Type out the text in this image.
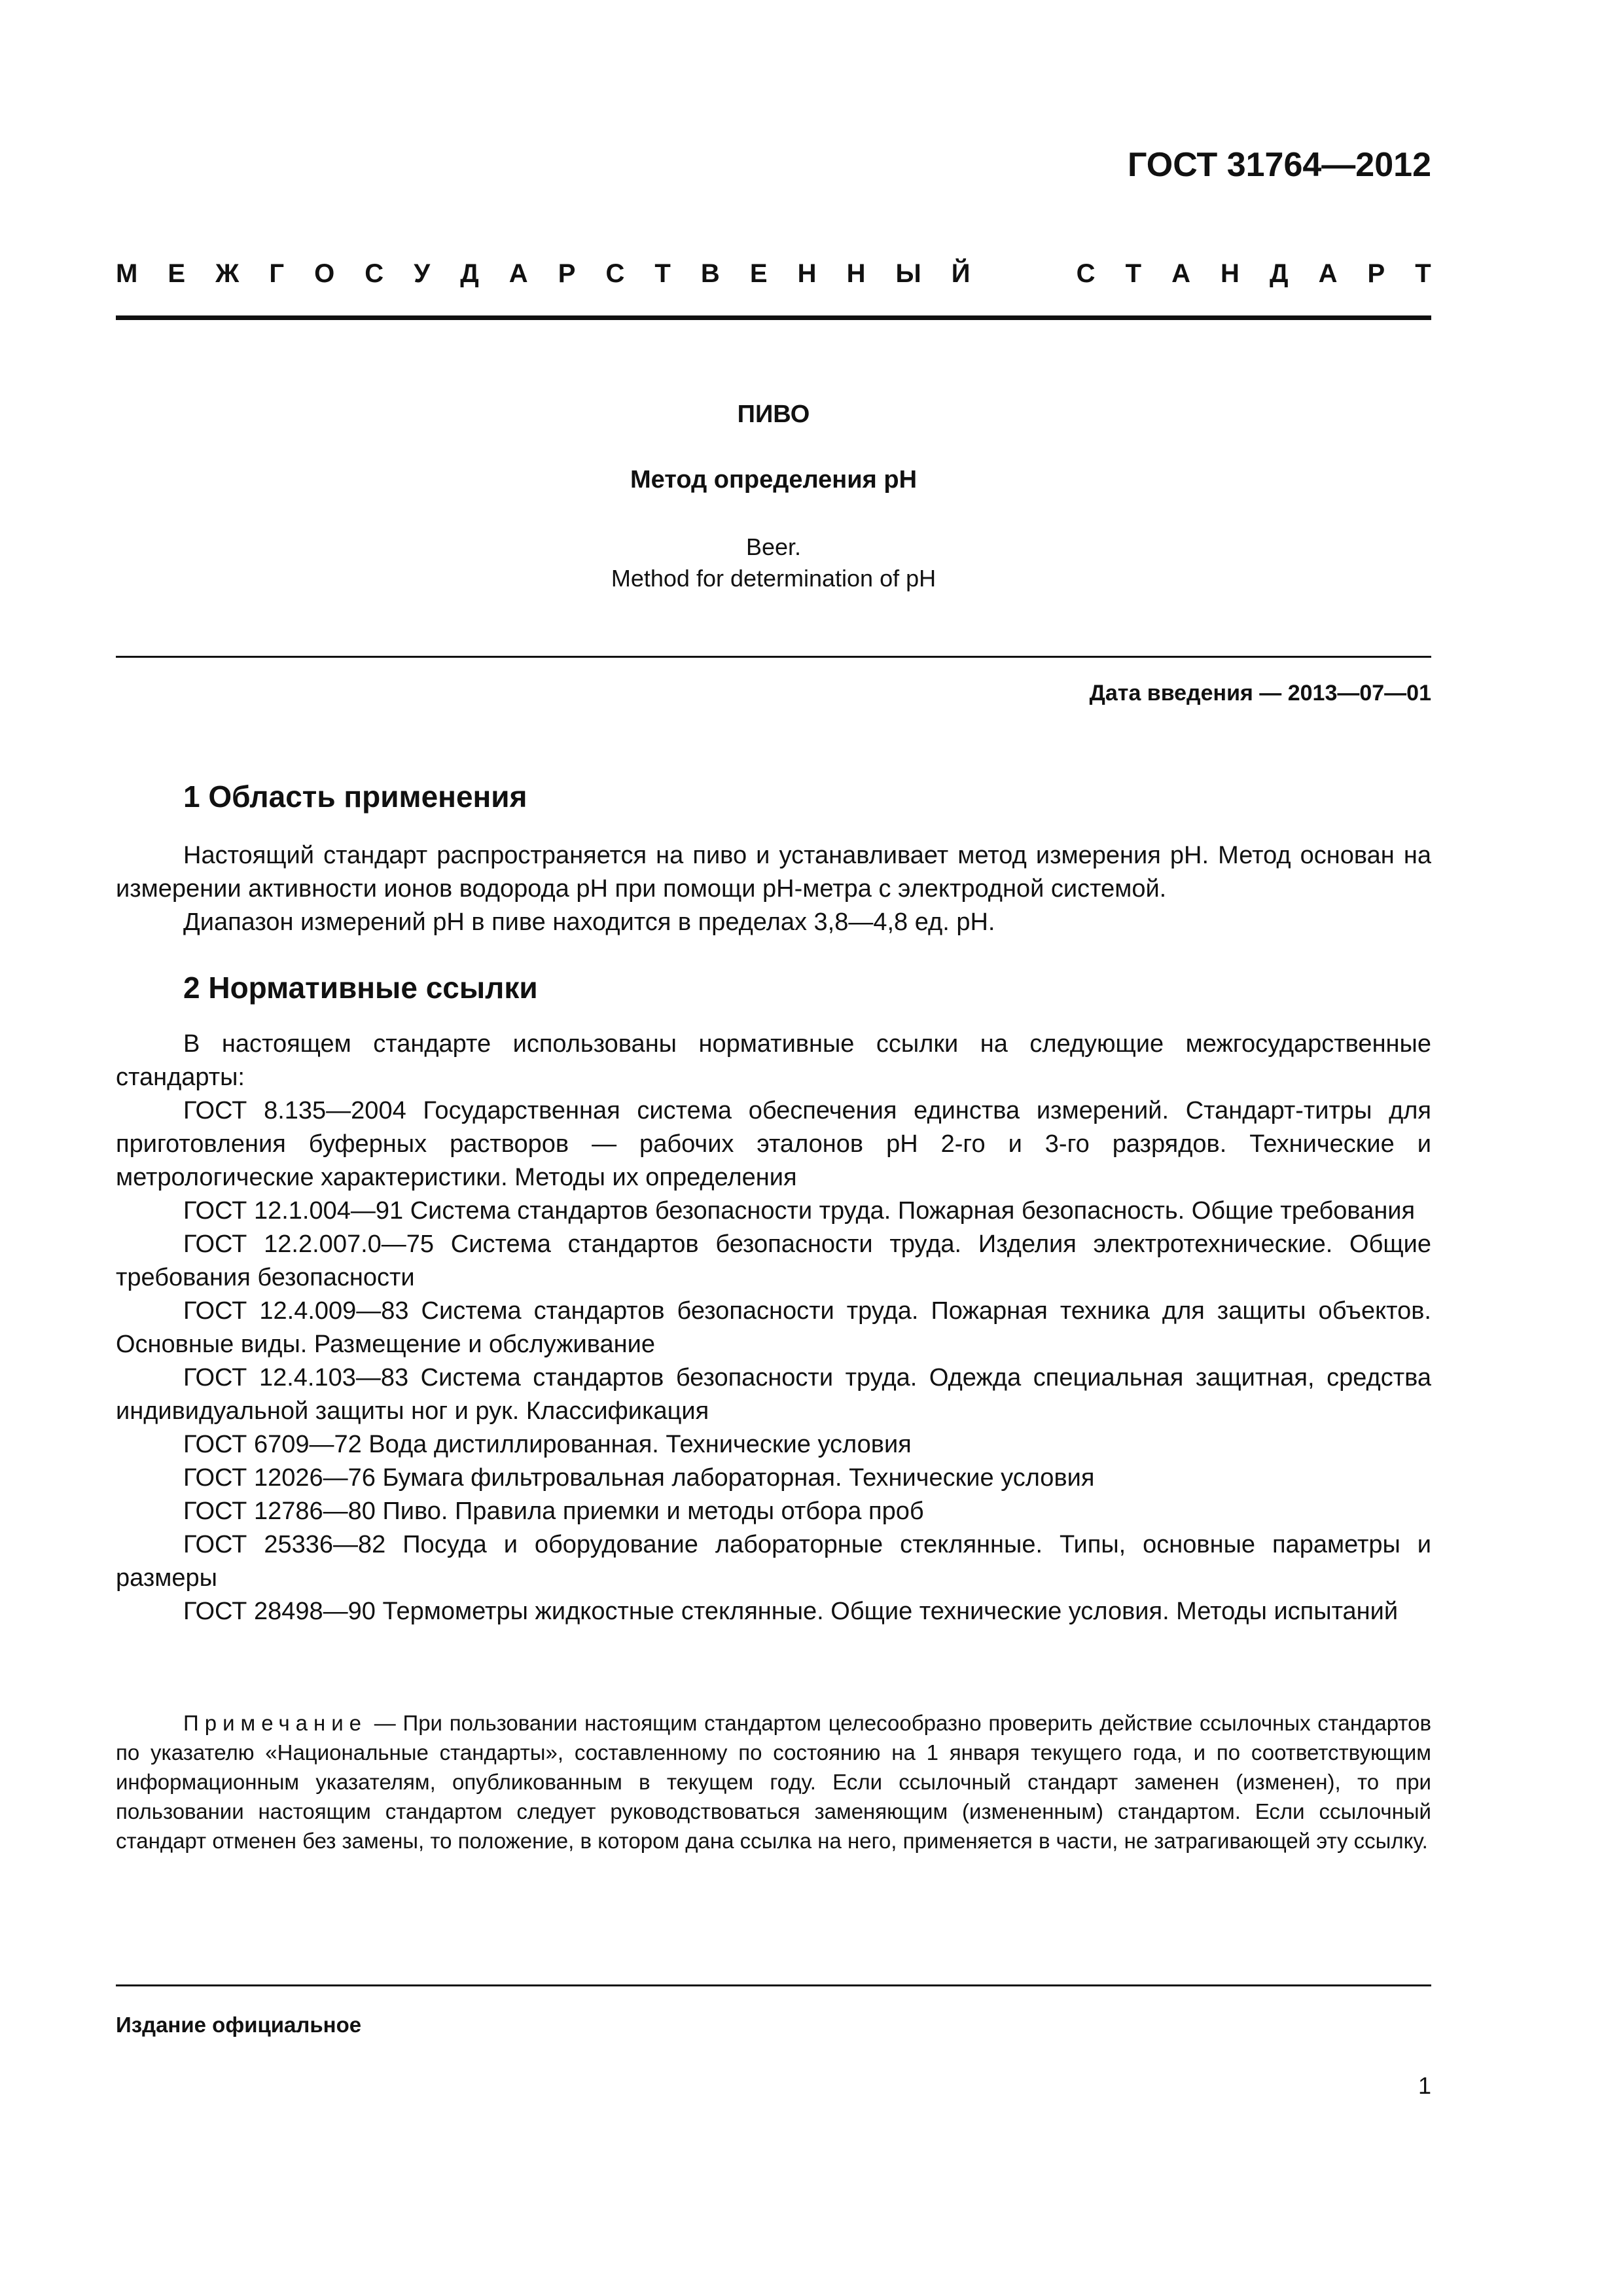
ГОСТ 31764—2012
М Е Ж Г О С У Д А Р С Т В Е Н Н Ы Й	С Т А Н Д А Р Т
ПИВО
Метод определения pH
Beer.
Method for determination of pH
Дата введения — 2013—07—01
1 Область применения

Настоящий стандарт распространяется на пиво и устанавливает метод измерения pH. Метод основан на измерении активности ионов водорода pH при помощи pH-метра с электродной системой.

Диапазон измерений pH в пиве находится в пределах 3,8—4,8 ед. pH.

2 Нормативные ссылки

В настоящем стандарте использованы нормативные ссылки на следующие межгосударственные стандарты:

ГОСТ 8.135—2004 Государственная система обеспечения единства измерений. Стандарт-титры для приготовления буферных растворов — рабочих эталонов pH 2-го и 3-го разрядов. Технические и метрологические характеристики. Методы их определения
ГОСТ 12.1.004—91 Система стандартов безопасности труда. Пожарная безопасность. Общие требования
ГОСТ 12.2.007.0—75 Система стандартов безопасности труда. Изделия электротехнические. Общие требования безопасности
ГОСТ 12.4.009—83 Система стандартов безопасности труда. Пожарная техника для защиты объектов. Основные виды. Размещение и обслуживание
ГОСТ 12.4.103—83 Система стандартов безопасности труда. Одежда специальная защитная, средства индивидуальной защиты ног и рук. Классификация
ГОСТ 6709—72 Вода дистиллированная. Технические условия
ГОСТ 12026—76 Бумага фильтровальная лабораторная. Технические условия
ГОСТ 12786—80 Пиво. Правила приемки и методы отбора проб
ГОСТ 25336—82 Посуда и оборудование лабораторные стеклянные. Типы, основные параметры и размеры
ГОСТ 28498—90 Термометры жидкостные стеклянные. Общие технические условия. Методы испытаний

Примечание — При пользовании настоящим стандартом целесообразно проверить действие ссылочных стандартов по указателю «Национальные стандарты», составленному по состоянию на 1 января текущего года, и по соответствующим информационным указателям, опубликованным в текущем году. Если ссылочный стандарт заменен (изменен), то при пользовании настоящим стандартом следует руководствоваться заменяющим (измененным) стандартом. Если ссылочный стандарт отменен без замены, то положение, в котором дана ссылка на него, применяется в части, не затрагивающей эту ссылку.

Издание официальное
1
